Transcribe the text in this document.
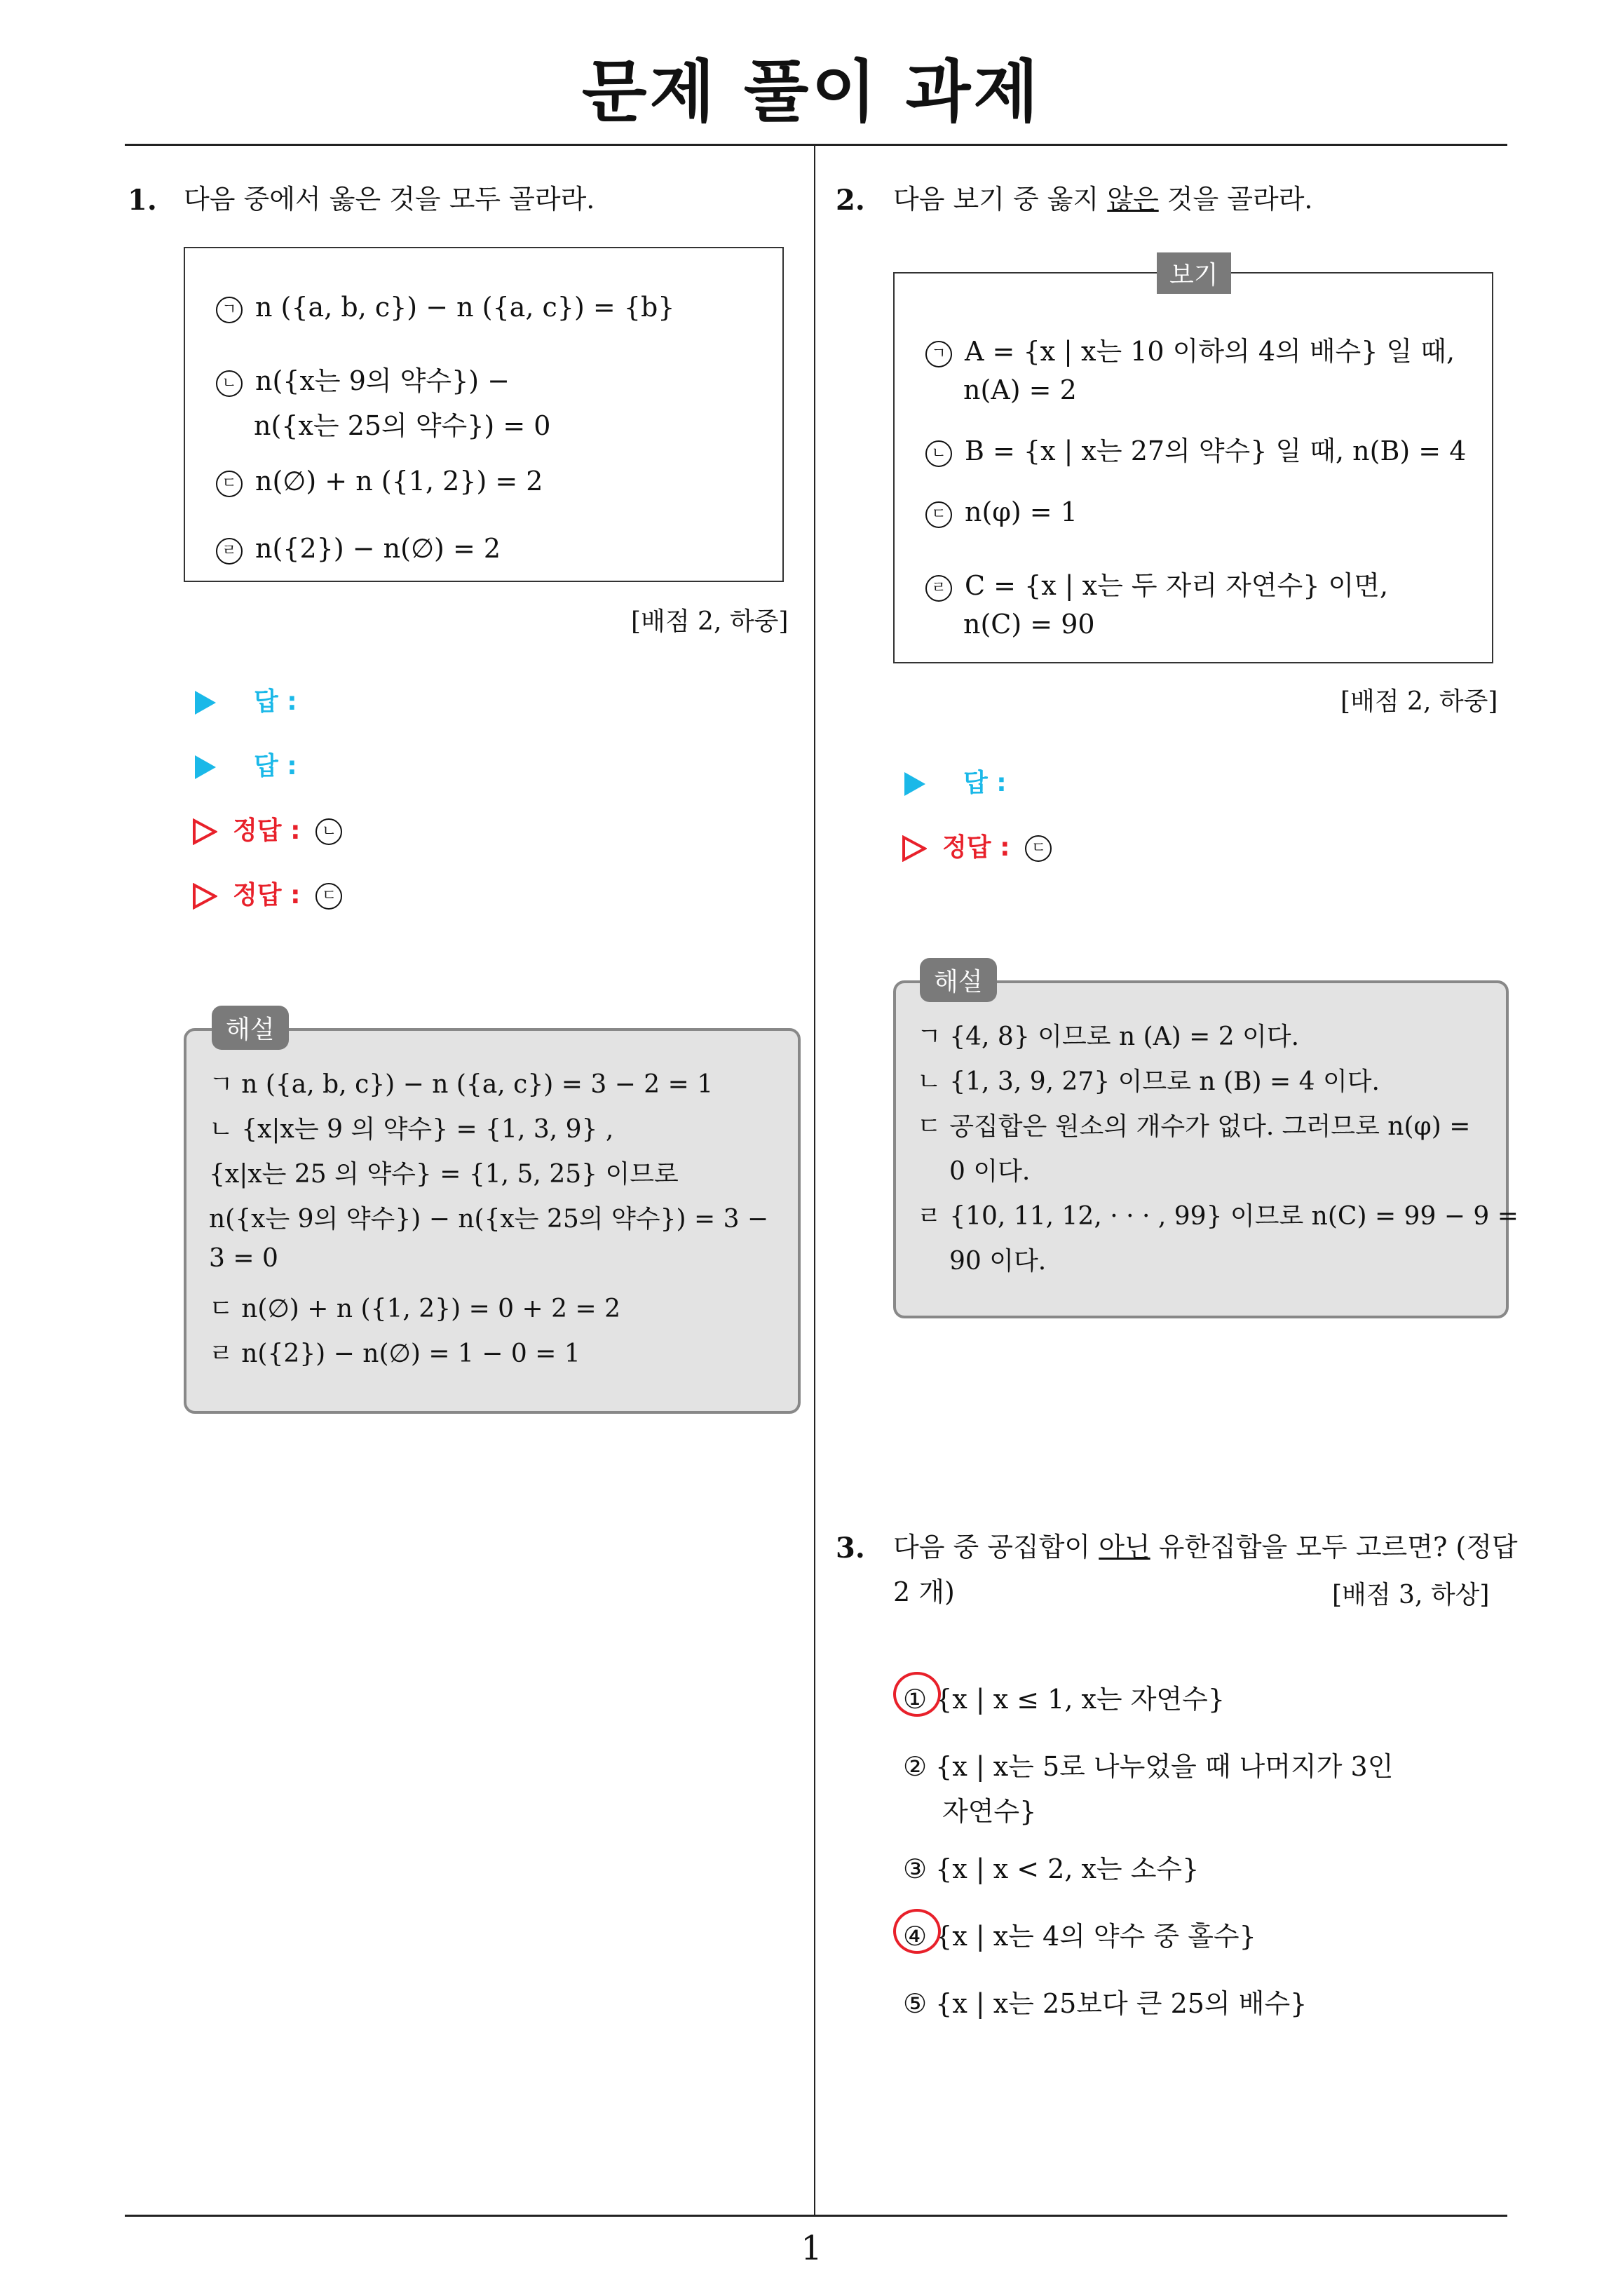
문제 풀이 과제
1
1. 다음 중에서 옳은 것을 모두 골라라.
ㄱ n ({a, b, c}) − n ({a, c}) = {b}
ㄴ n({x는 9의 약수}) −
n({x는 25의 약수}) = 0
ㄷ n(∅) + n ({1, 2}) = 2
ㄹ n({2}) − n(∅) = 2
[배점 2, 하중]
답 :
답 :
정답 : ㄴ
정답 : ㄷ
ㄱ n ({a, b, c}) − n ({a, c}) = 3 − 2 = 1
ㄴ {x|x는 9 의 약수} = {1, 3, 9} ,
{x|x는 25 의 약수} = {1, 5, 25} 이므로
n({x는 9의 약수}) − n({x는 25의 약수}) = 3 −
3 = 0
ㄷ n(∅) + n ({1, 2}) = 0 + 2 = 2
ㄹ n({2}) − n(∅) = 1 − 0 = 1
해설
2. 다음 보기 중 옳지 않은 것을 골라라.
ㄱ A = {x | x는 10 이하의 4의 배수} 일 때,
n(A) = 2
ㄴ B = {x | x는 27의 약수} 일 때, n(B) = 4
ㄷ n(φ) = 1
ㄹ C = {x | x는 두 자리 자연수} 이면,
n(C) = 90
보기
[배점 2, 하중]
답 :
정답 : ㄷ
ㄱ {4, 8} 이므로 n (A) = 2 이다.
ㄴ {1, 3, 9, 27} 이므로 n (B) = 4 이다.
ㄷ 공집합은 원소의 개수가 없다. 그러므로 n(φ) =
0 이다.
ㄹ {10, 11, 12, · · · , 99} 이므로 n(C) = 99 − 9 =
90 이다.
해설
3. 다음 중 공집합이 아닌 유한집합을 모두 고르면? (정답
2 개)	[배점 3, 하상]
① {x | x ≤ 1, x는 자연수}
② {x | x는 5로 나누었을 때 나머지가 3인
자연수}
③ {x | x < 2, x는 소수}
④ {x | x는 4의 약수 중 홀수}
⑤ {x | x는 25보다 큰 25의 배수}
